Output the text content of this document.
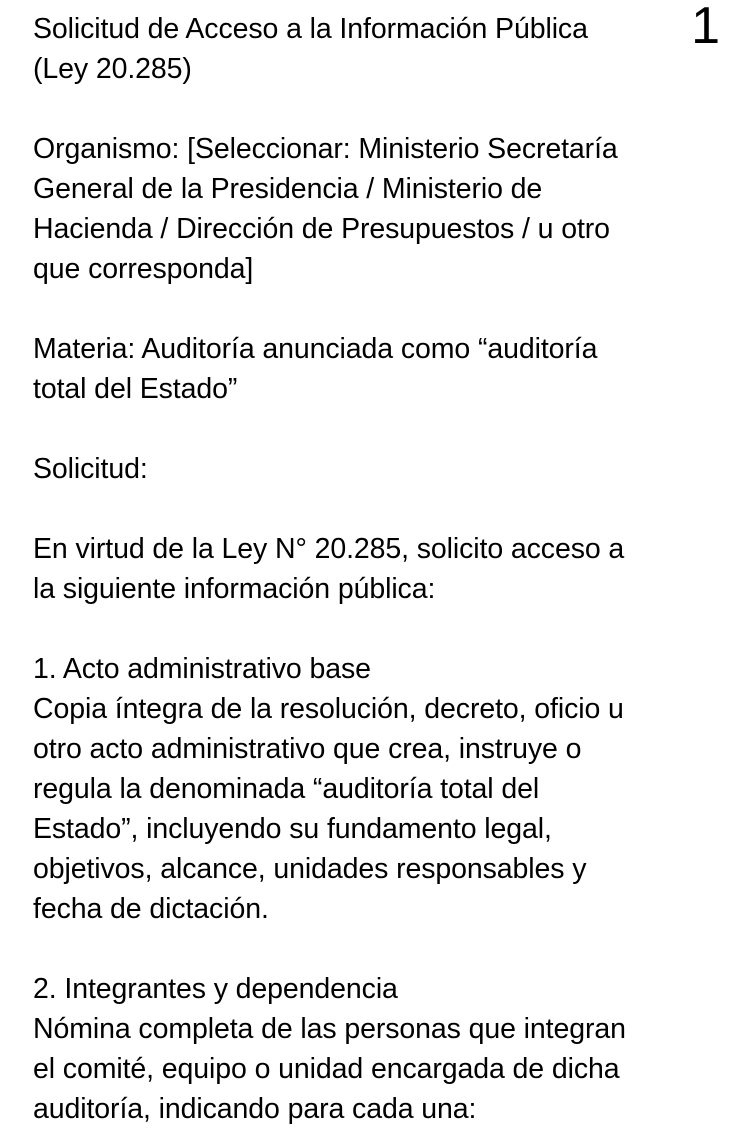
1
Solicitud de Acceso a la Información Pública
(Ley 20.285)
Organismo: [Seleccionar: Ministerio Secretaría
General de la Presidencia / Ministerio de
Hacienda / Dirección de Presupuestos / u otro
que corresponda]
Materia: Auditoría anunciada como “auditoría
total del Estado”
Solicitud:
En virtud de la Ley N° 20.285, solicito acceso a
la siguiente información pública:
1. Acto administrativo base
Copia íntegra de la resolución, decreto, oficio u
otro acto administrativo que crea, instruye o
regula la denominada “auditoría total del
Estado”, incluyendo su fundamento legal,
objetivos, alcance, unidades responsables y
fecha de dictación.
2. Integrantes y dependencia
Nómina completa de las personas que integran
el comité, equipo o unidad encargada de dicha
auditoría, indicando para cada una:
